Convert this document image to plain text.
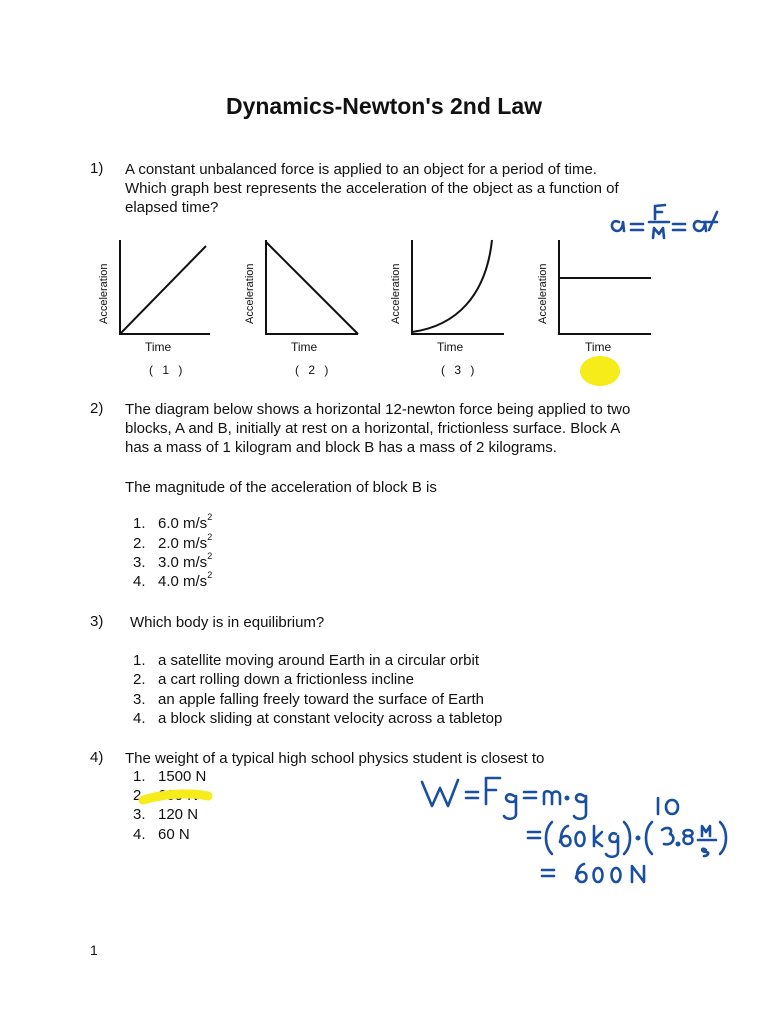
Dynamics-Newton's 2nd Law
1) A constant unbalanced force is applied to an object for a period of time.
Which graph best represents the acceleration of the object as a function of
elapsed time?
Acceleration
Time
( 1 )
Acceleration
Time
( 2 )
Acceleration
Time
( 3 )
Acceleration
Time
2) The diagram below shows a horizontal 12-newton force being applied to two
blocks, A and B, initially at rest on a horizontal, frictionless surface. Block A
has a mass of 1 kilogram and block B has a mass of 2 kilograms.
The magnitude of the acceleration of block B is
1. 6.0 $m/s^2$
2. 2.0 $m/s^2$
3. 3.0 $m/s^2$
4. 4.0 $m/s^2$
3) Which body is in equilibrium?
1. a satellite moving around Earth in a circular orbit
2. a cart rolling down a frictionless incline
3. an apple falling freely toward the surface of Earth
4. a block sliding at constant velocity across a tabletop
4) The weight of a typical high school physics student is closest to
1. 1500 N
2. 600 N
3. 120 N
4. 60 N
1
